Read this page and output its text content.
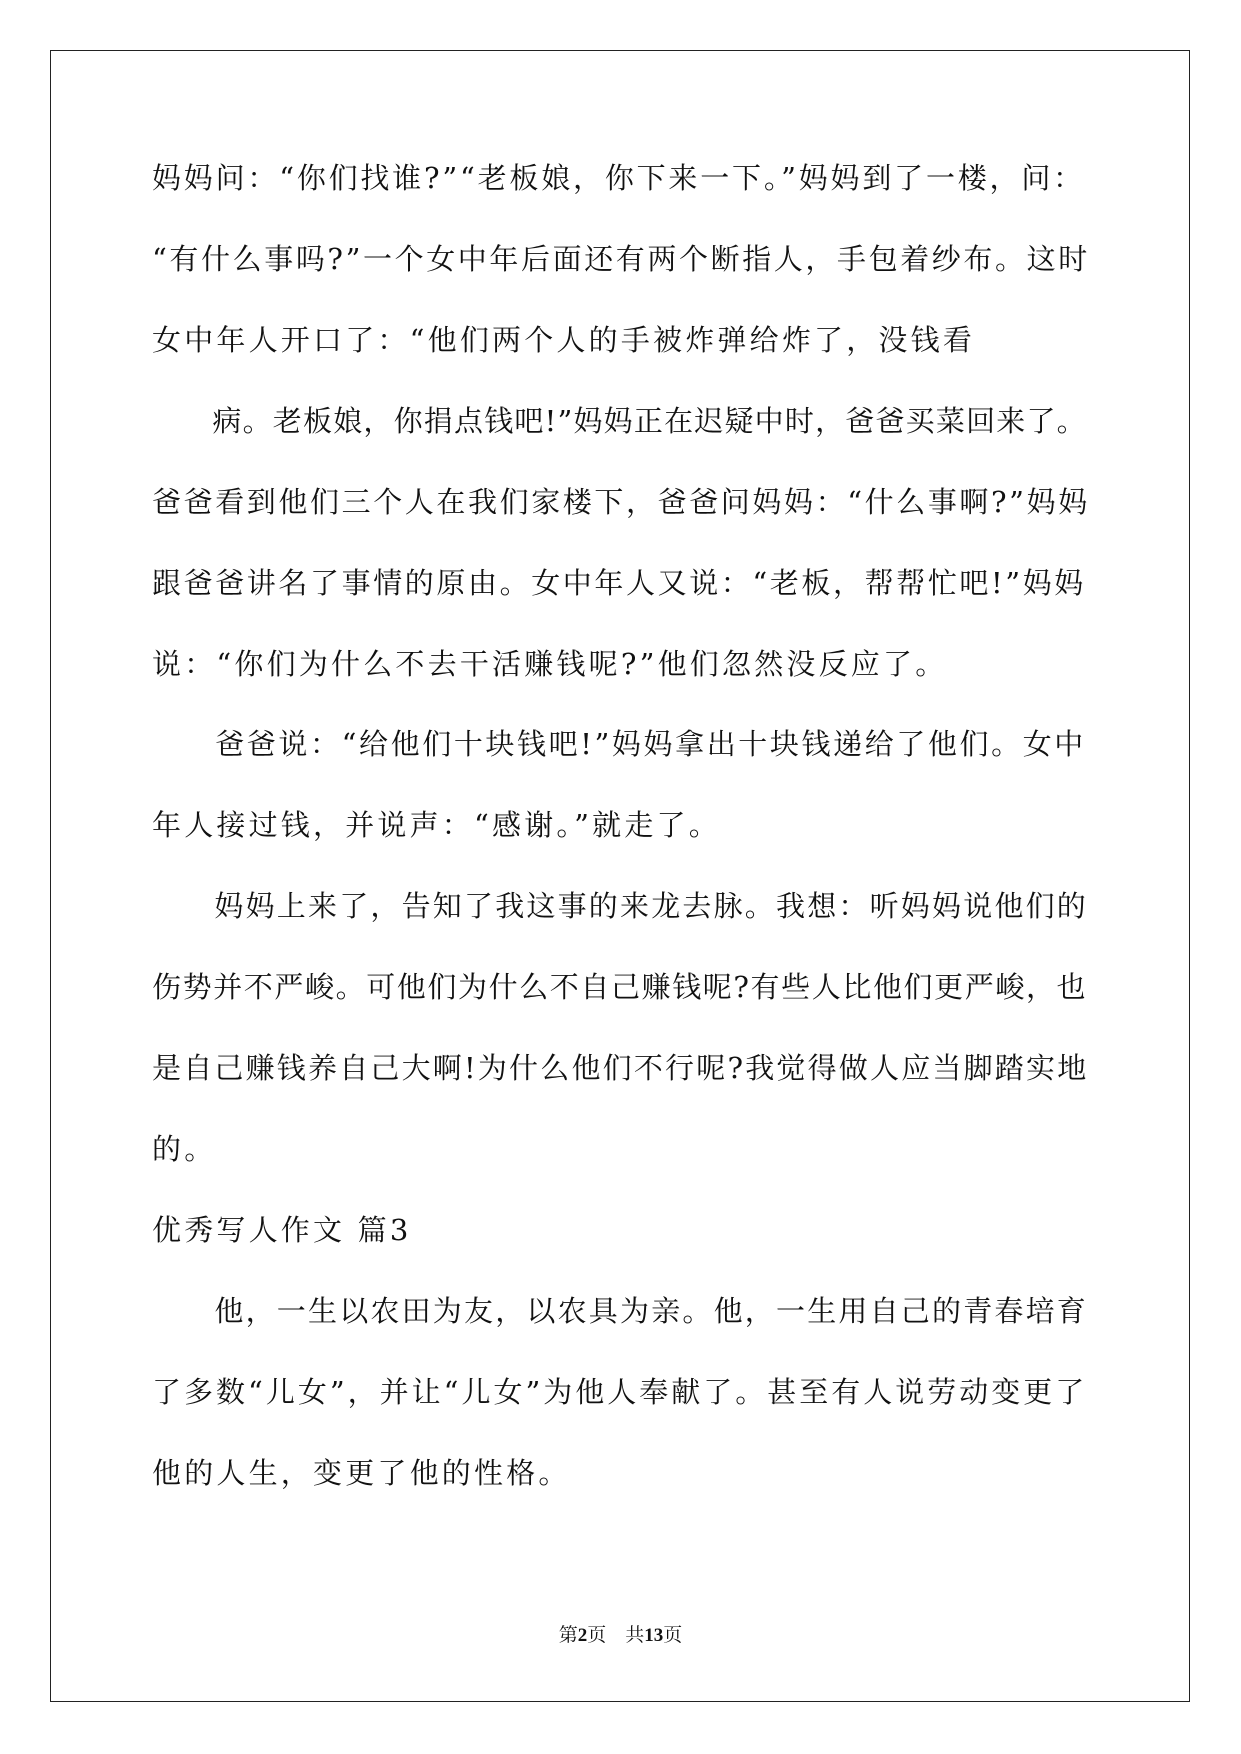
妈妈问：“你们找谁?”“老板娘，你下来一下。”妈妈到了一楼，问：
“有什么事吗?”一个女中年后面还有两个断指人，手包着纱布。这时
女中年人开口了：“他们两个人的手被炸弹给炸了，没钱看
　　病。老板娘，你捐点钱吧!”妈妈正在迟疑中时，爸爸买菜回来了。
爸爸看到他们三个人在我们家楼下，爸爸问妈妈：“什么事啊?”妈妈
跟爸爸讲名了事情的原由。女中年人又说：“老板，帮帮忙吧!”妈妈
说：“你们为什么不去干活赚钱呢?”他们忽然没反应了。
　　爸爸说：“给他们十块钱吧!”妈妈拿出十块钱递给了他们。女中
年人接过钱，并说声：“感谢。”就走了。
　　妈妈上来了，告知了我这事的来龙去脉。我想：听妈妈说他们的
伤势并不严峻。可他们为什么不自己赚钱呢?有些人比他们更严峻，也
是自己赚钱养自己大啊!为什么他们不行呢?我觉得做人应当脚踏实地
的。
优秀写人作文 篇3
　　他，一生以农田为友，以农具为亲。他，一生用自己的青春培育
了多数“儿女”，并让“儿女”为他人奉献了。甚至有人说劳动变更了
他的人生，变更了他的性格。
第2页　共13页
